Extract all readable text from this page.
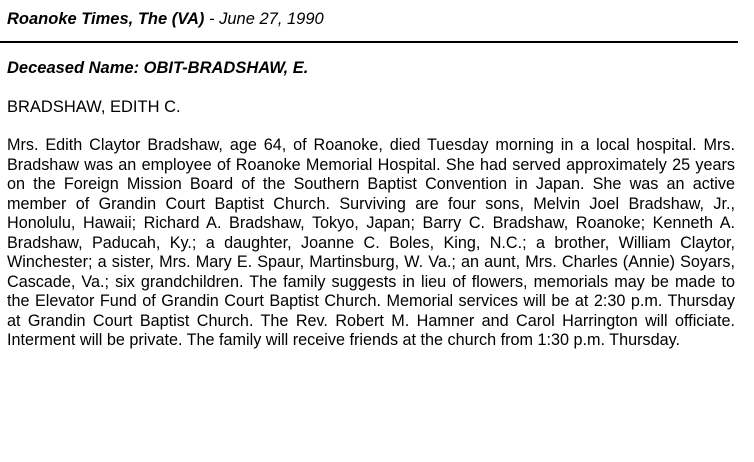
Roanoke Times, The (VA) - June 27, 1990
Deceased Name: OBIT-BRADSHAW, E.
BRADSHAW, EDITH C.

Mrs. Edith Claytor Bradshaw, age 64, of Roanoke, died Tuesday morning in a local hospital. Mrs. Bradshaw was an employee of Roanoke Memorial Hospital. She had served approximately 25 years on the Foreign Mission Board of the Southern Baptist Convention in Japan. She was an active member of Grandin Court Baptist Church. Surviving are four sons, Melvin Joel Bradshaw, Jr., Honolulu, Hawaii; Richard A. Bradshaw, Tokyo, Japan; Barry C. Bradshaw, Roanoke; Kenneth A. Bradshaw, Paducah, Ky.; a daughter, Joanne C. Boles, King, N.C.; a brother, William Claytor, Winchester; a sister, Mrs. Mary E. Spaur, Martinsburg, W. Va.; an aunt, Mrs. Charles (Annie) Soyars, Cascade, Va.; six grandchildren. The family suggests in lieu of flowers, memorials may be made to the Elevator Fund of Grandin Court Baptist Church. Memorial services will be at 2:30 p.m. Thursday at Grandin Court Baptist Church. The Rev. Robert M. Hamner and Carol Harrington will officiate. Interment will be private. The family will receive friends at the church from 1:30 p.m. Thursday.
